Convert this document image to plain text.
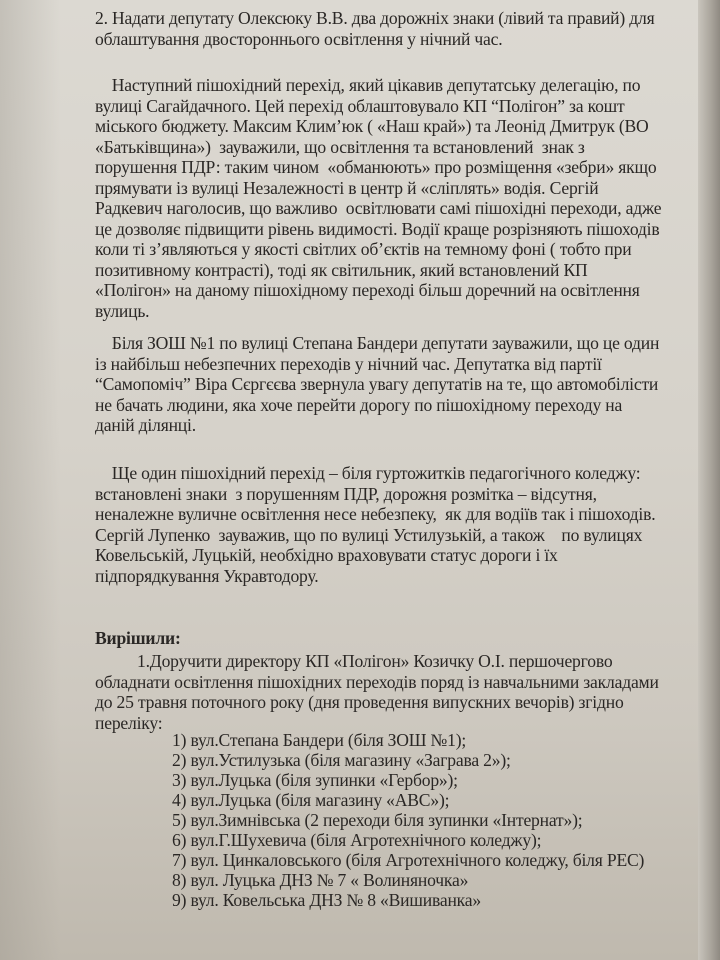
2. Надати депутату Олексюку В.В. два дорожніх знаки (лівий та правий) для
облаштування двостороннього освітлення у нічний час.
Наступний пішохідний перехід, який цікавив депутатську делегацію, по
вулиці Сагайдачного. Цей перехід облаштовувало КП “Полігон” за кошт
міського бюджету. Максим Клим’юк ( «Наш край») та Леонід Дмитрук (ВО
«Батьківщина»)  зауважили, що освітлення та встановлений  знак з
порушення ПДР: таким чином  «обманюють» про розміщення «зебри» якщо
прямувати із вулиці Незалежності в центр й «сліплять» водія. Сергій
Радкевич наголосив, що важливо  освітлювати самі пішохідні переходи, адже
це дозволяє підвищити рівень видимості. Водії краще розрізняють пішоходів
коли ті з’являються у якості світлих об’єктів на темному фоні ( тобто при
позитивному контрасті), тоді як світильник, який встановлений КП
«Полігон» на даному пішохідному переході більш доречний на освітлення
вулиць.
Біля ЗОШ №1 по вулиці Степана Бандери депутати зауважили, що це один
із найбільш небезпечних переходів у нічний час. Депутатка від партії
“Самопоміч” Віра Сєргєєва звернула увагу депутатів на те, що автомобілісти
не бачать людини, яка хоче перейти дорогу по пішохідному переходу на
даній ділянці.
Ще один пішохідний перехід – біля гуртожитків педагогічного коледжу:
встановлені знаки  з порушенням ПДР, дорожня розмітка – відсутня,
неналежне вуличне освітлення несе небезпеку,  як для водіїв так і пішоходів.
Сергій Лупенко  зауважив, що по вулиці Устилузькій, а також    по вулицях
Ковельській, Луцькій, необхідно враховувати статус дороги і їх
підпорядкування Укравтодору.
Вирішили:
1.Доручити директору КП «Полігон» Козичку О.І. першочергово
обладнати освітлення пішохідних переходів поряд із навчальними закладами
до 25 травня поточного року (дня проведення випускних вечорів) згідно
переліку:
1) вул.Степана Бандери (біля ЗОШ №1);
2) вул.Устилузька (біля магазину «Заграва 2»);
3) вул.Луцька (біля зупинки «Гербор»);
4) вул.Луцька (біля магазину «АВС»);
5) вул.Зимнівська (2 переходи біля зупинки «Інтернат»);
6) вул.Г.Шухевича (біля Агротехнічного коледжу);
7) вул. Цинкаловського (біля Агротехнічного коледжу, біля РЕС)
8) вул. Луцька ДНЗ № 7 « Волиняночка»
9) вул. Ковельська ДНЗ № 8 «Вишиванка»
